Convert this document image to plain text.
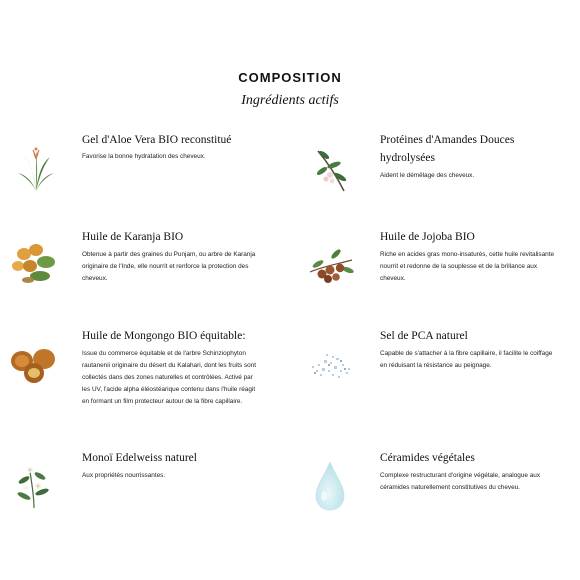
COMPOSITION
Ingrédients actifs

Gel d'Aloe Vera BIO reconstitué

Favorise la bonne hydratation des cheveux.

Protéines d'Amandes Douces hydrolysées

Aident le démêlage des cheveux.

Huile de Karanja BIO

Obtenue à partir des graines du Punjam, ou arbre de Karanja originaire de l'Inde, elle nourrit et renforce la protection des cheveux.

Huile de Jojoba BIO

Riche en acides gras mono-insaturés, cette huile revitalisante nourrit et redonne de la souplesse et de la brillance aux cheveux.

Huile de Mongongo BIO équitable:

Issue du commerce équitable et de l'arbre Schinziophyton rautanenii originaire du désert du Kalahari, dont les fruits sont collectés dans des zones naturelles et contrôlées. Activé par les UV, l'acide alpha éléostéarique contenu dans l'huile réagit en formant un film protecteur autour de la fibre capillaire.

Sel de PCA naturel

Capable de s'attacher à la fibre capillaire, il facilite le coiffage en réduisant la résistance au peignage.

Monoï Edelweiss naturel

Aux propriétés nourrissantes.

Céramides végétales

Complexe restructurant d'origine végétale, analogue aux céramides naturellement constitutives du cheveu.
